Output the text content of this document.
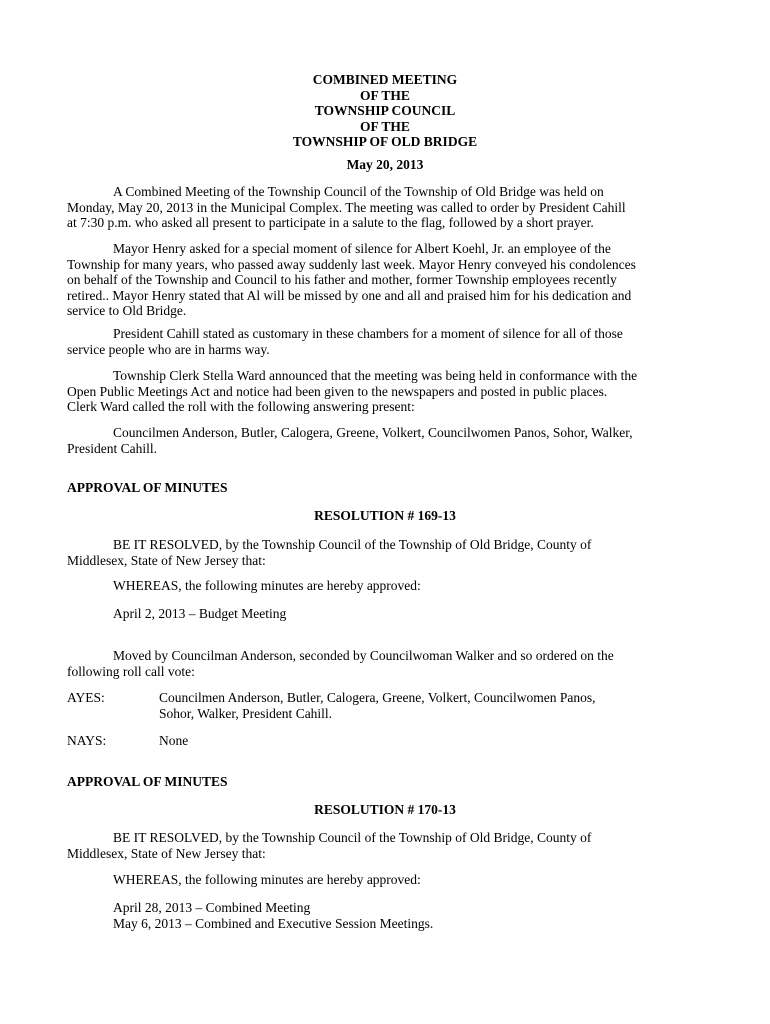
COMBINED MEETING
OF THE
TOWNSHIP COUNCIL
OF THE
TOWNSHIP OF OLD BRIDGE
May 20, 2013
A Combined Meeting of the Township Council of the Township of Old Bridge was held on
Monday, May 20, 2013 in the Municipal Complex. The meeting was called to order by President Cahill
at 7:30 p.m. who asked all present to participate in a salute to the flag, followed by a short prayer.
Mayor Henry asked for a special moment of silence for Albert Koehl, Jr. an employee of the
Township for many years, who passed away suddenly last week. Mayor Henry conveyed his condolences
on behalf of the Township and Council to his father and mother, former Township employees recently
retired.. Mayor Henry stated that Al will be missed by one and all and praised him for his dedication and
service to Old Bridge.
President Cahill stated as customary in these chambers for a moment of silence for all of those
service people who are in harms way.
Township Clerk Stella Ward announced that the meeting was being held in conformance with the
Open Public Meetings Act and notice had been given to the newspapers and posted in public places.
Clerk Ward called the roll with the following answering present:
Councilmen Anderson, Butler, Calogera, Greene, Volkert, Councilwomen Panos, Sohor, Walker,
President Cahill.
APPROVAL OF MINUTES
RESOLUTION # 169-13
BE IT RESOLVED, by the Township Council of the Township of Old Bridge, County of
Middlesex, State of New Jersey that:
WHEREAS, the following minutes are hereby approved:
April 2, 2013 – Budget Meeting
Moved by Councilman Anderson, seconded by Councilwoman Walker and so ordered on the
following roll call vote:
AYES:	Councilmen Anderson, Butler, Calogera, Greene, Volkert, Councilwomen Panos,
Sohor, Walker, President Cahill.
NAYS:	None
APPROVAL OF MINUTES
RESOLUTION # 170-13
BE IT RESOLVED, by the Township Council of the Township of Old Bridge, County of
Middlesex, State of New Jersey that:
WHEREAS, the following minutes are hereby approved:
April 28, 2013 – Combined Meeting
May 6, 2013 – Combined and Executive Session Meetings.
